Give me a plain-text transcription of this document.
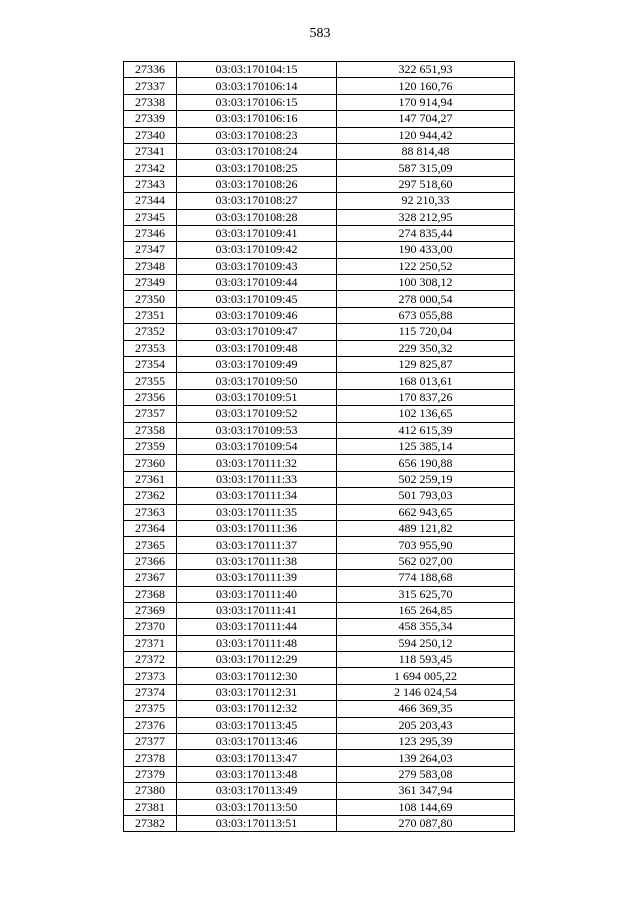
583
27336	03:03:170104:15	322 651,93
27337	03:03:170106:14	120 160,76
27338	03:03:170106:15	170 914,94
27339	03:03:170106:16	147 704,27
27340	03:03:170108:23	120 944,42
27341	03:03:170108:24	88 814,48
27342	03:03:170108:25	587 315,09
27343	03:03:170108:26	297 518,60
27344	03:03:170108:27	92 210,33
27345	03:03:170108:28	328 212,95
27346	03:03:170109:41	274 835,44
27347	03:03:170109:42	190 433,00
27348	03:03:170109:43	122 250,52
27349	03:03:170109:44	100 308,12
27350	03:03:170109:45	278 000,54
27351	03:03:170109:46	673 055,88
27352	03:03:170109:47	115 720,04
27353	03:03:170109:48	229 350,32
27354	03:03:170109:49	129 825,87
27355	03:03:170109:50	168 013,61
27356	03:03:170109:51	170 837,26
27357	03:03:170109:52	102 136,65
27358	03:03:170109:53	412 615,39
27359	03:03:170109:54	125 385,14
27360	03:03:170111:32	656 190,88
27361	03:03:170111:33	502 259,19
27362	03:03:170111:34	501 793,03
27363	03:03:170111:35	662 943,65
27364	03:03:170111:36	489 121,82
27365	03:03:170111:37	703 955,90
27366	03:03:170111:38	562 027,00
27367	03:03:170111:39	774 188,68
27368	03:03:170111:40	315 625,70
27369	03:03:170111:41	165 264,85
27370	03:03:170111:44	458 355,34
27371	03:03:170111:48	594 250,12
27372	03:03:170112:29	118 593,45
27373	03:03:170112:30	1 694 005,22
27374	03:03:170112:31	2 146 024,54
27375	03:03:170112:32	466 369,35
27376	03:03:170113:45	205 203,43
27377	03:03:170113:46	123 295,39
27378	03:03:170113:47	139 264,03
27379	03:03:170113:48	279 583,08
27380	03:03:170113:49	361 347,94
27381	03:03:170113:50	108 144,69
27382	03:03:170113:51	270 087,80
